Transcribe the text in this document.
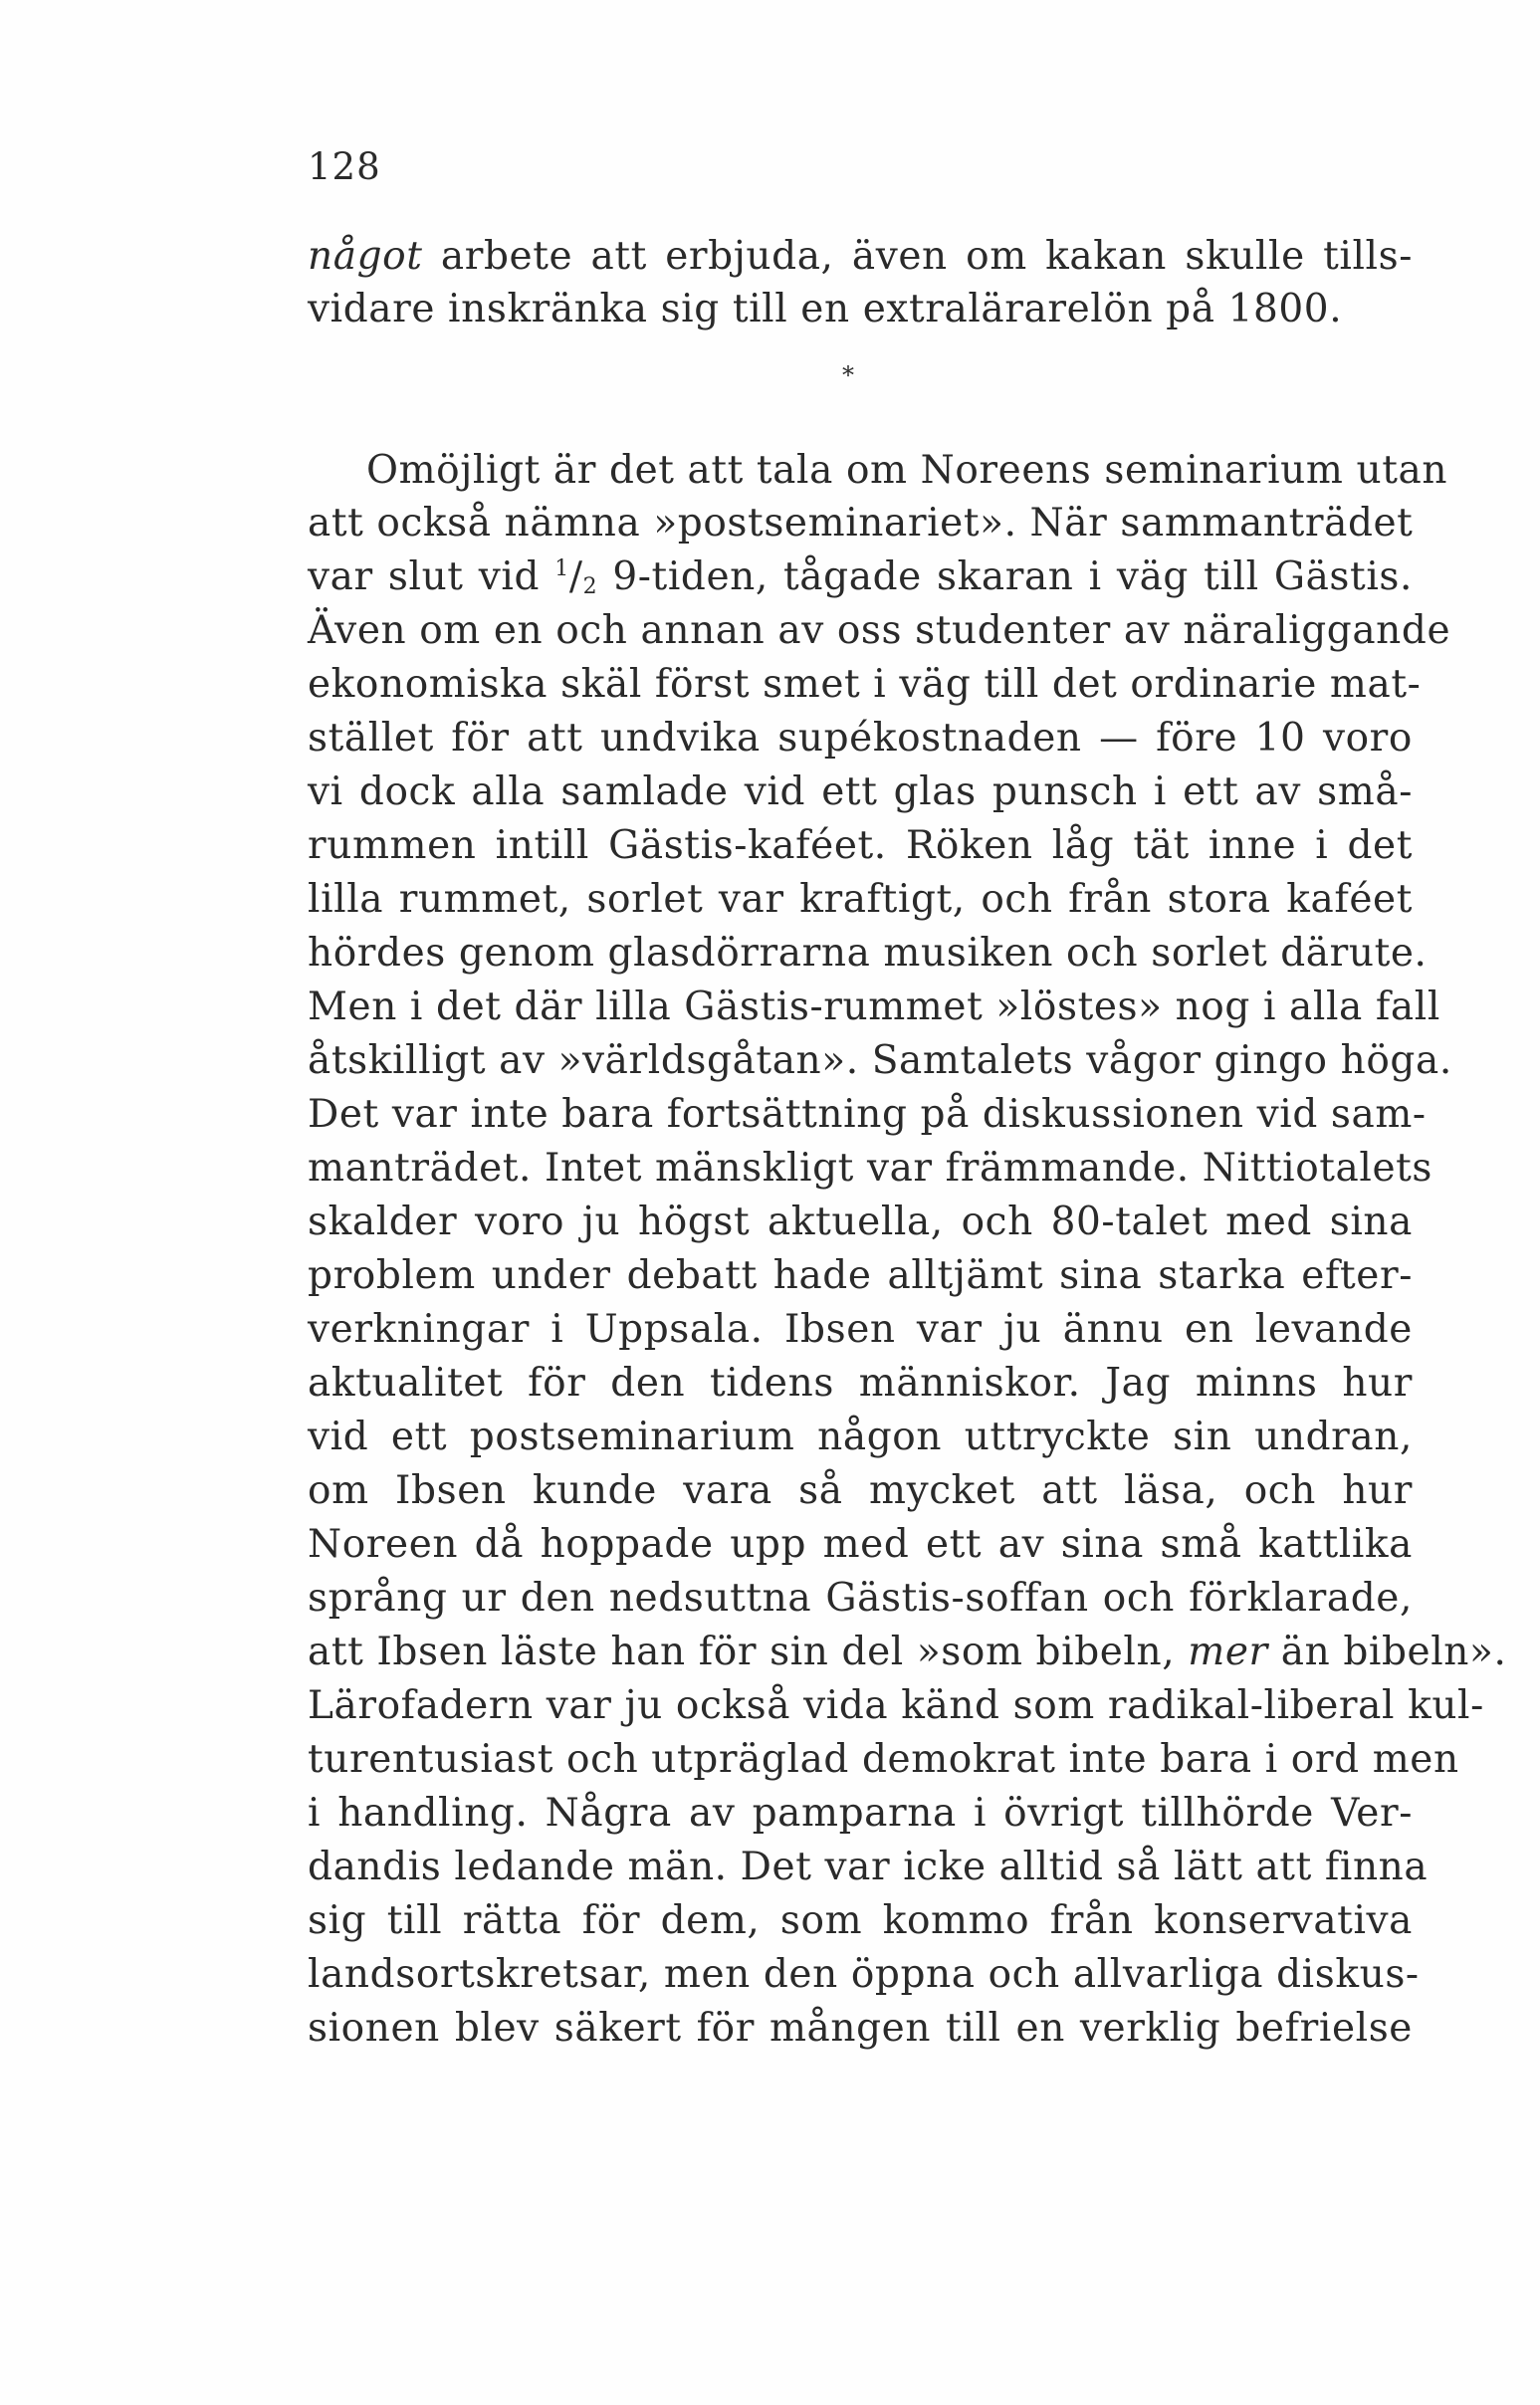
128
något arbete att erbjuda, även om kakan skulle tills-
vidare inskränka sig till en extralärarelön på 1800.
*
Omöjligt är det att tala om Noreens seminarium utan
att också nämna »postseminariet». När sammanträdet
var slut vid $^1/_2$ 9-tiden, tågade skaran i väg till Gästis.
Även om en och annan av oss studenter av näraliggande
ekonomiska skäl först smet i väg till det ordinarie mat-
stället för att undvika supékostnaden — före 10 voro
vi dock alla samlade vid ett glas punsch i ett av små-
rummen intill Gästis-kaféet. Röken låg tät inne i det
lilla rummet, sorlet var kraftigt, och från stora kaféet
hördes genom glasdörrarna musiken och sorlet därute.
Men i det där lilla Gästis-rummet »löstes» nog i alla fall
åtskilligt av »världsgåtan». Samtalets vågor gingo höga.
Det var inte bara fortsättning på diskussionen vid sam-
manträdet. Intet mänskligt var främmande. Nittiotalets
skalder voro ju högst aktuella, och 80-talet med sina
problem under debatt hade alltjämt sina starka efter-
verkningar i Uppsala. Ibsen var ju ännu en levande
aktualitet för den tidens människor. Jag minns hur
vid ett postseminarium någon uttryckte sin undran,
om Ibsen kunde vara så mycket att läsa, och hur
Noreen då hoppade upp med ett av sina små kattlika
språng ur den nedsuttna Gästis-soffan och förklarade,
att Ibsen läste han för sin del »som bibeln, mer än bibeln».
Lärofadern var ju också vida känd som radikal-liberal kul-
turentusiast och utpräglad demokrat inte bara i ord men
i handling. Några av pamparna i övrigt tillhörde Ver-
dandis ledande män. Det var icke alltid så lätt att finna
sig till rätta för dem, som kommo från konservativa
landsortskretsar, men den öppna och allvarliga diskus-
sionen blev säkert för mången till en verklig befrielse
